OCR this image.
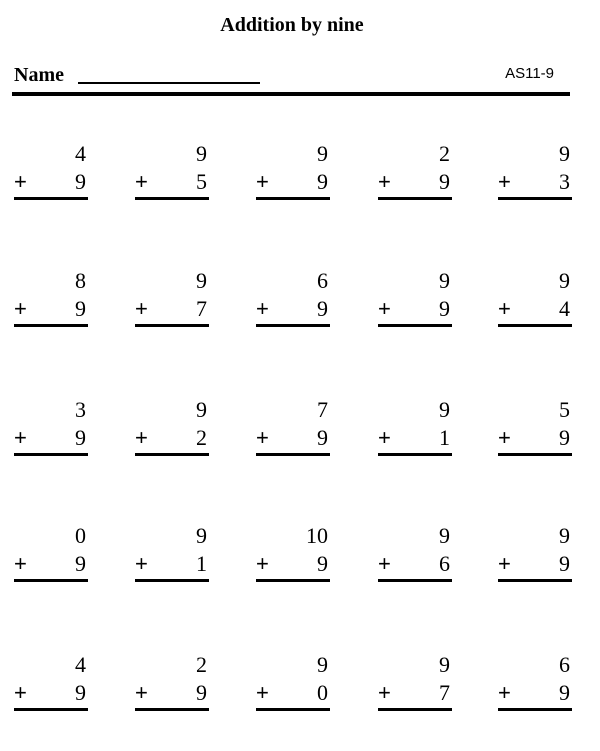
Addition by nine
Name	AS11-9
4
+ 9
9
+ 5
9
+ 9
2
+ 9
9
+ 3
8
+ 9
9
+ 7
6
+ 9
9
+ 9
9
+ 4
3
+ 9
9
+ 2
7
+ 9
9
+ 1
5
+ 9
0
+ 9
9
+ 1
10
+ 9
9
+ 6
9
+ 9
4
+ 9
2
+ 9
9
+ 0
9
+ 7
6
+ 9
